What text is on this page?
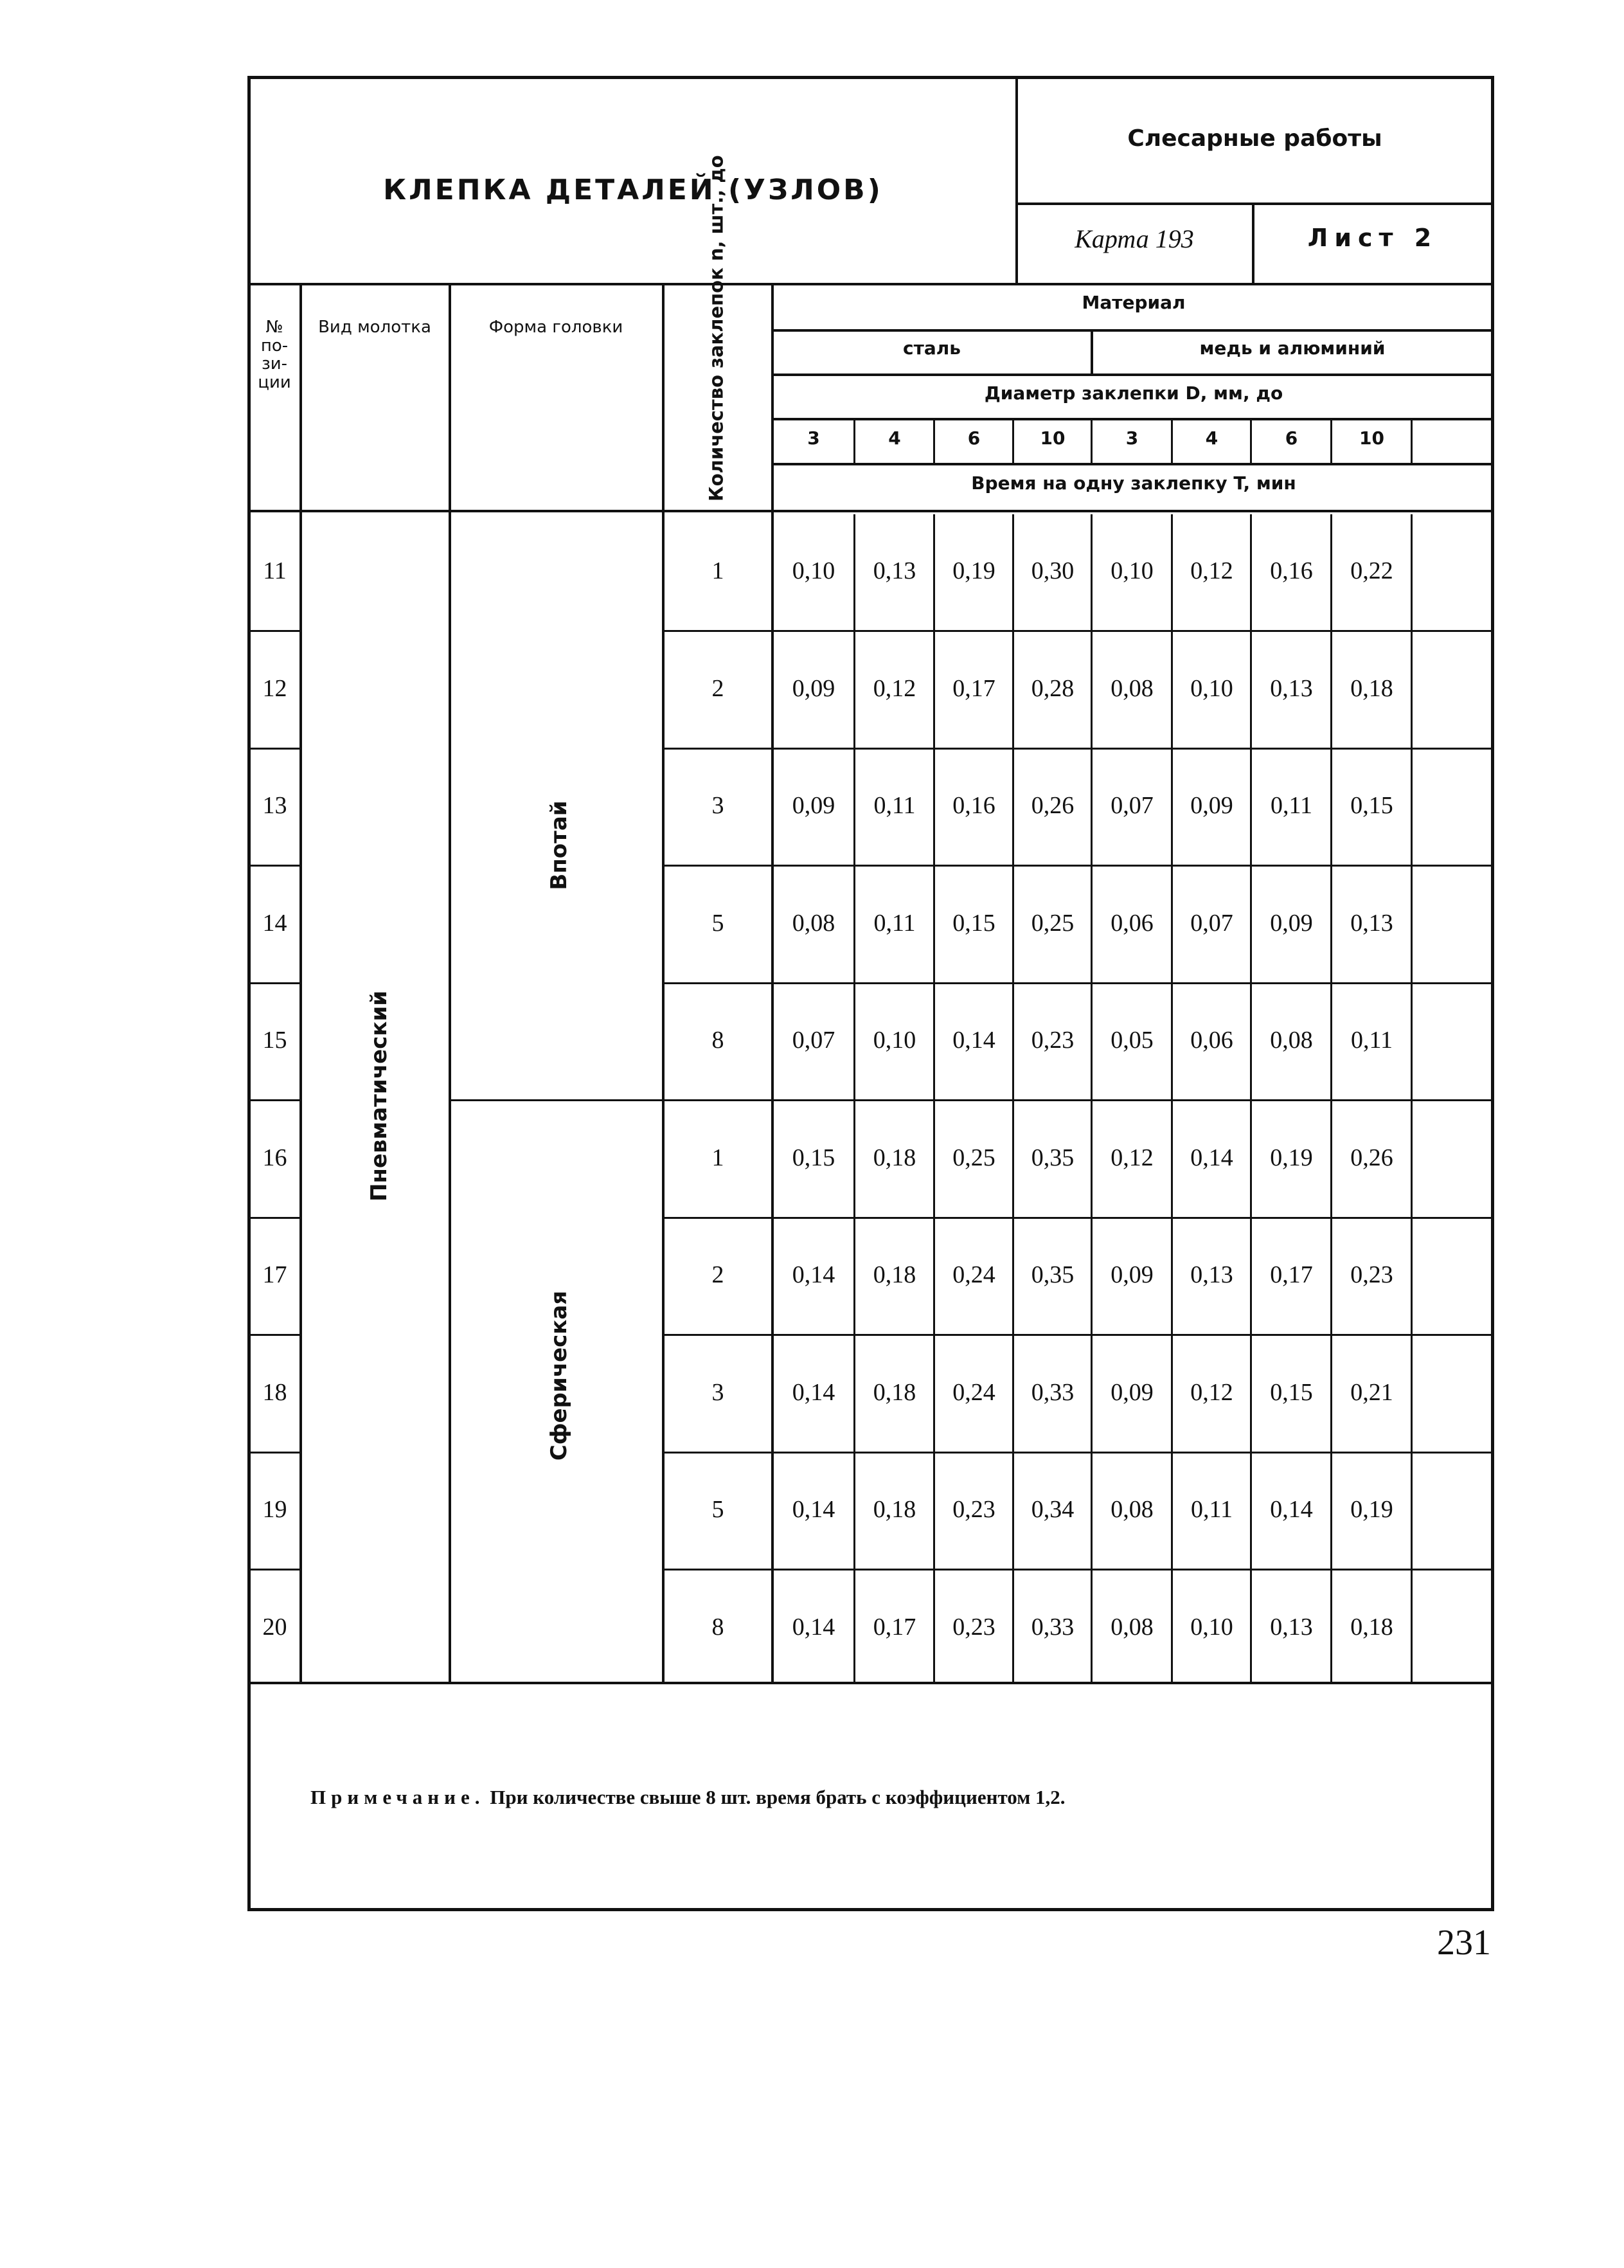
КЛЕПКА ДЕТАЛЕЙ (УЗЛОВ)
Слесарные работы
Карта 193	Лист 2
№ по-зи-ции
Вид молотка	Форма головки	Количество заклепок n, шт., до	Материал
сталь	медь и алюминий
Диаметр заклепки D, мм, до
3	4	6	10	3	4	6	10
Время на одну заклепку T, мин
Пневматический
Впотай
Сферическая
11	1	0,10	0,13	0,19	0,30	0,10	0,12	0,16	0,22
12	2	0,09	0,12	0,17	0,28	0,08	0,10	0,13	0,18
13	3	0,09	0,11	0,16	0,26	0,07	0,09	0,11	0,15
14	5	0,08	0,11	0,15	0,25	0,06	0,07	0,09	0,13
15	8	0,07	0,10	0,14	0,23	0,05	0,06	0,08	0,11
16	1	0,15	0,18	0,25	0,35	0,12	0,14	0,19	0,26
17	2	0,14	0,18	0,24	0,35	0,09	0,13	0,17	0,23
18	3	0,14	0,18	0,24	0,33	0,09	0,12	0,15	0,21
19	5	0,14	0,18	0,23	0,34	0,08	0,11	0,14	0,19
20	8	0,14	0,17	0,23	0,33	0,08	0,10	0,13	0,18
Примечание. При количестве свыше 8 шт. время брать с коэффициентом 1,2.
231
